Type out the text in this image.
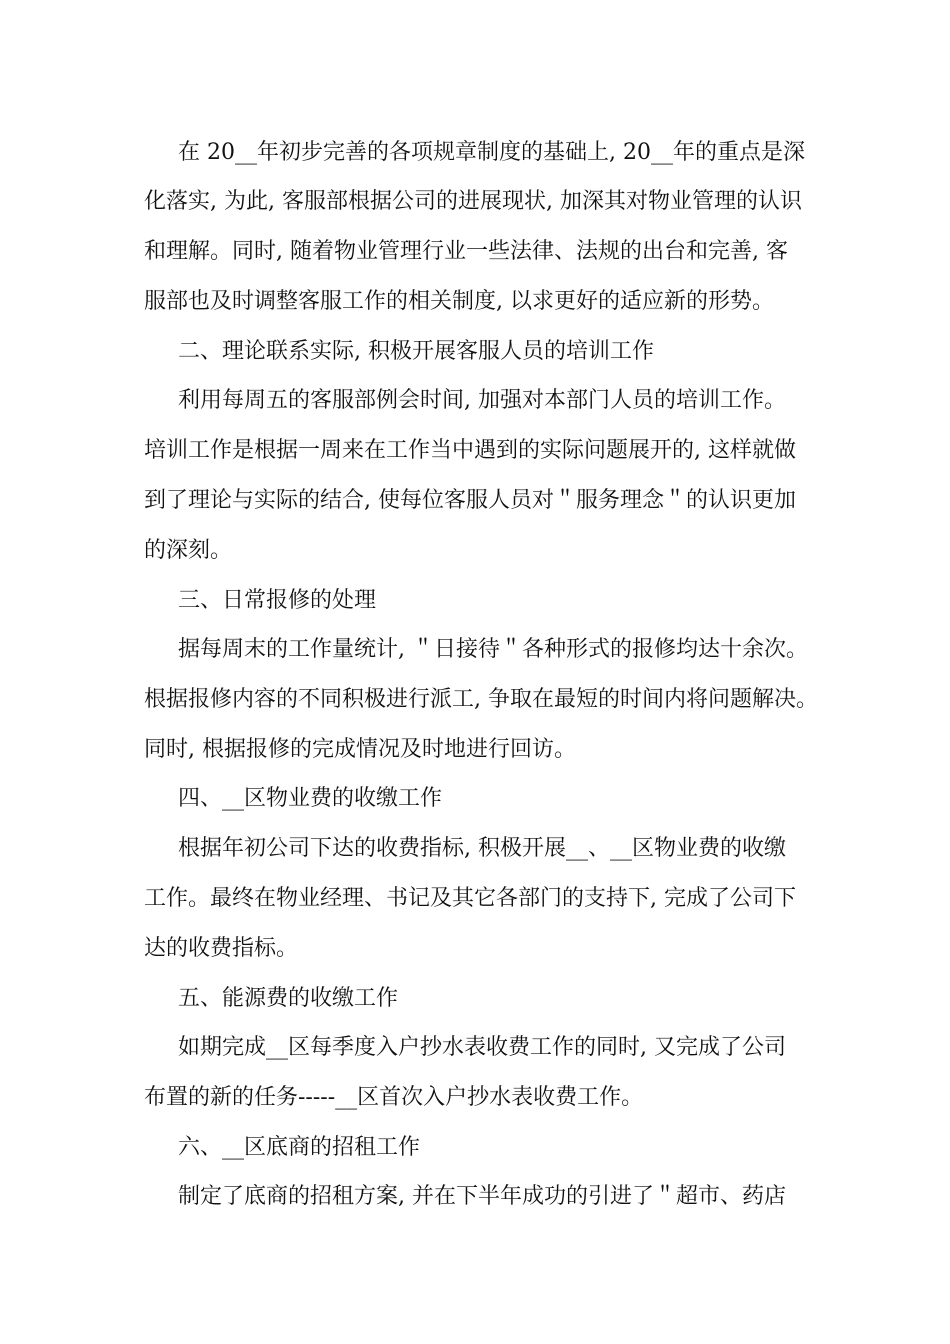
在 20__年初步完善的各项规章制度的基础上, 20__年的重点是深
化落实, 为此, 客服部根据公司的进展现状, 加深其对物业管理的认识
和理解。同时, 随着物业管理行业一些法律、法规的出台和完善, 客
服部也及时调整客服工作的相关制度, 以求更好的适应新的形势。
二、理论联系实际, 积极开展客服人员的培训工作
利用每周五的客服部例会时间, 加强对本部门人员的培训工作。
培训工作是根据一周来在工作当中遇到的实际问题展开的, 这样就做
到了理论与实际的结合, 使每位客服人员对＂服务理念＂的认识更加
的深刻。
三、日常报修的处理
据每周末的工作量统计, ＂日接待＂各种形式的报修均达十余次。
根据报修内容的不同积极进行派工, 争取在最短的时间内将问题解决。
同时, 根据报修的完成情况及时地进行回访。
四、__区物业费的收缴工作
根据年初公司下达的收费指标, 积极开展__、__区物业费的收缴
工作。最终在物业经理、书记及其它各部门的支持下, 完成了公司下
达的收费指标。
五、能源费的收缴工作
如期完成__区每季度入户抄水表收费工作的同时, 又完成了公司
布置的新的任务-----__区首次入户抄水表收费工作。
六、__区底商的招租工作
制定了底商的招租方案, 并在下半年成功的引进了＂超市、药店
